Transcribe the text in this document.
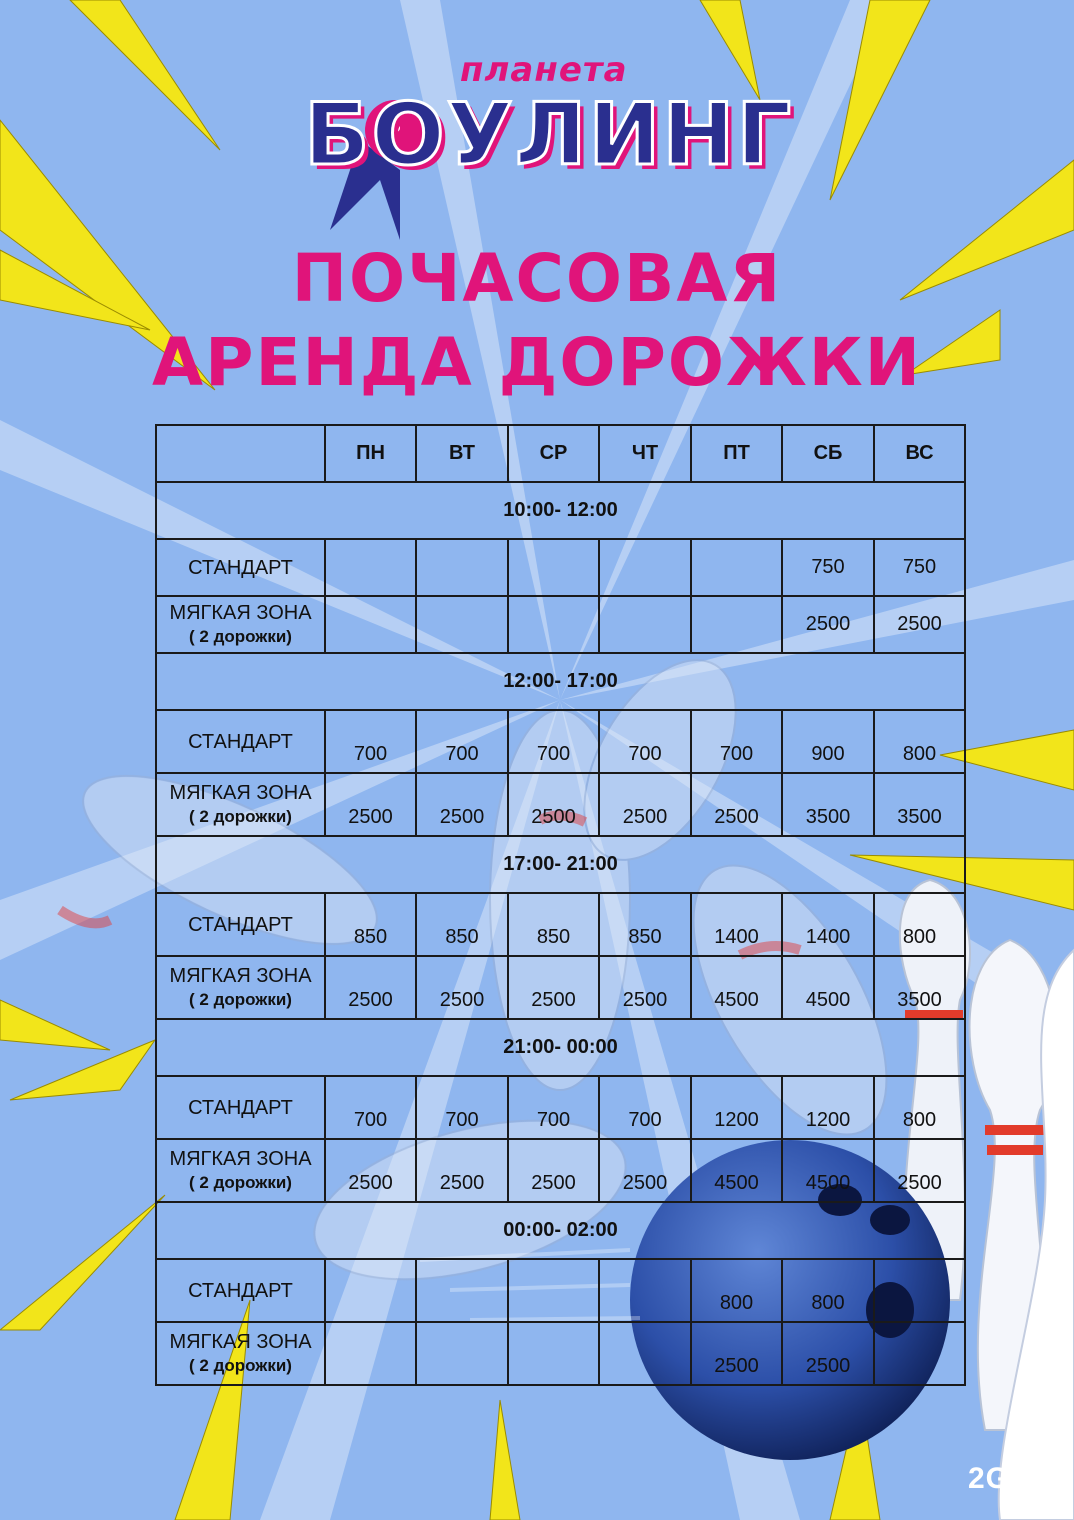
планета
БОУЛИНГ
ПОЧАСОВАЯ
АРЕНДА ДОРОЖКИ
	ПН	ВТ	СР	ЧТ	ПТ	СБ	ВС
10:00- 12:00							
СТАНДАРТ						750	750
МЯГКАЯ ЗОНА
( 2 дорожки)						2500	2500
12:00- 17:00							
СТАНДАРТ	700	700	700	700	700	900	800
МЯГКАЯ ЗОНА
( 2 дорожки)	2500	2500	2500	2500	2500	3500	3500
17:00- 21:00							
СТАНДАРТ	850	850	850	850	1400	1400	800
МЯГКАЯ ЗОНА
( 2 дорожки)	2500	2500	2500	2500	4500	4500	3500
21:00- 00:00							
СТАНДАРТ	700	700	700	700	1200	1200	800
МЯГКАЯ ЗОНА
( 2 дорожки)	2500	2500	2500	2500	4500	4500	2500
00:00- 02:00							
СТАНДАРТ					800	800	
МЯГКАЯ ЗОНА
( 2 дорожки)					2500	2500	
2GIS
